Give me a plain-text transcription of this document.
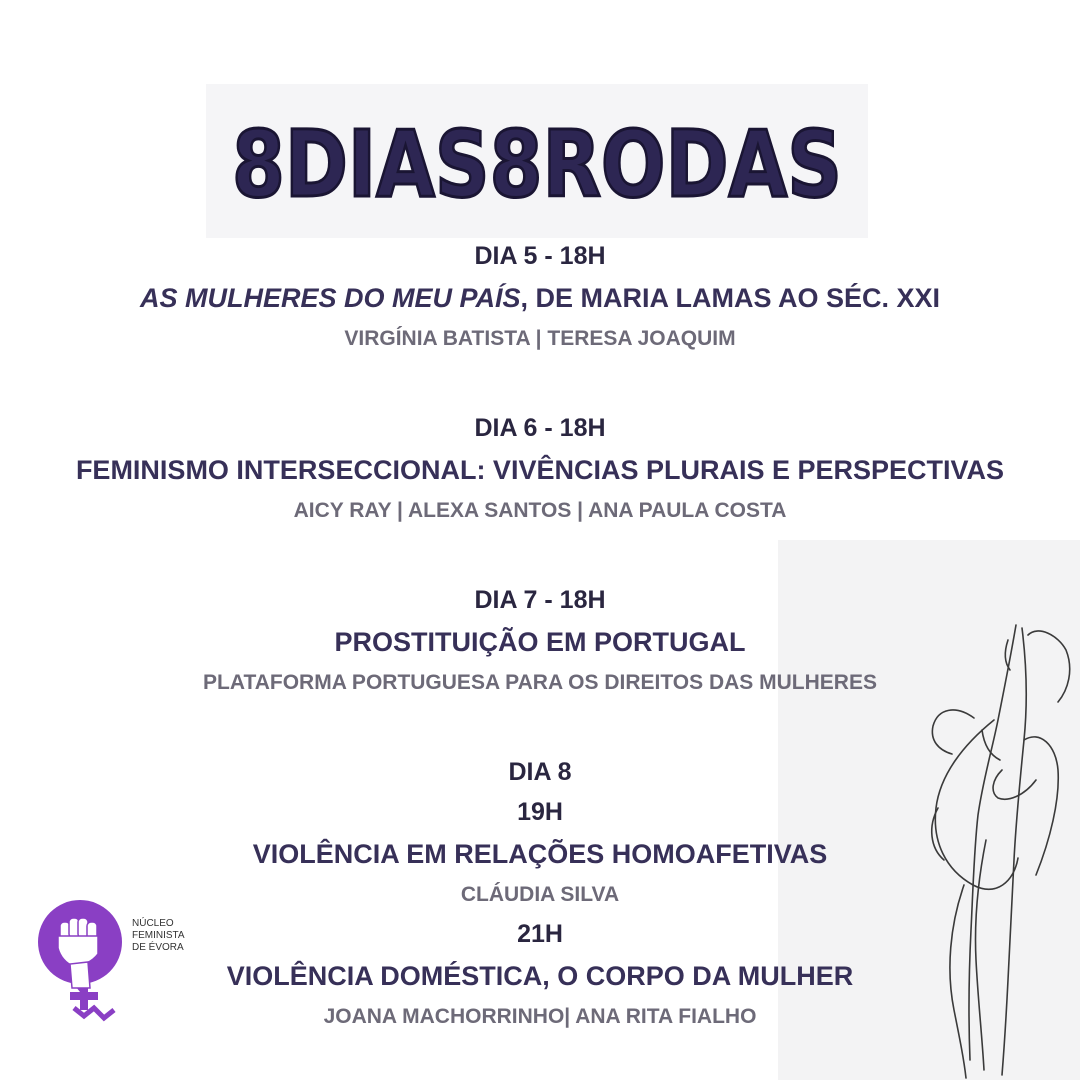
8DIAS8RODAS
DIA 5 - 18H
AS MULHERES DO MEU PAÍS, DE MARIA LAMAS AO SÉC. XXI
VIRGÍNIA BATISTA | TERESA JOAQUIM
DIA 6 - 18H
FEMINISMO INTERSECCIONAL: VIVÊNCIAS PLURAIS E PERSPECTIVAS
AICY RAY | ALEXA SANTOS | ANA PAULA COSTA
DIA 7 - 18H
PROSTITUIÇÃO EM PORTUGAL
PLATAFORMA PORTUGUESA PARA OS DIREITOS DAS MULHERES
DIA 8
19H
VIOLÊNCIA EM RELAÇÕES HOMOAFETIVAS
CLÁUDIA SILVA
21H
VIOLÊNCIA DOMÉSTICA, O CORPO DA MULHER
JOANA MACHORRINHO| ANA RITA FIALHO
NÚCLEO
FEMINISTA
DE ÉVORA
